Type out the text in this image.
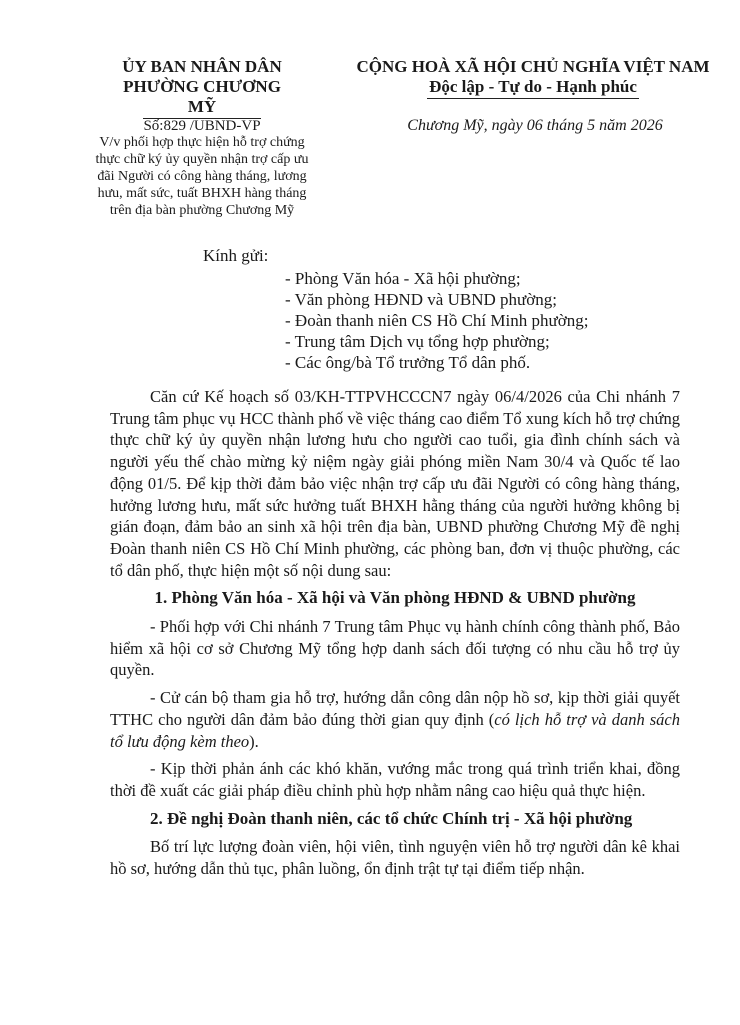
ỦY BAN NHÂN DÂN
PHƯỜNG CHƯƠNG MỸ
CỘNG HOÀ XÃ HỘI CHỦ NGHĨA VIỆT NAM
Độc lập - Tự do - Hạnh phúc
Số:829 /UBND-VP
V/v phối hợp thực hiện hỗ trợ chứng thực chữ ký ủy quyền nhận trợ cấp ưu đãi Người có công hàng tháng, lương hưu, mất sức, tuất BHXH hàng tháng trên địa bàn phường Chương Mỹ
Chương Mỹ, ngày 06 tháng 5 năm 2026
Kính gửi:
- Phòng Văn hóa - Xã hội phường;
- Văn phòng HĐND và UBND phường;
- Đoàn thanh niên CS Hồ Chí Minh phường;
- Trung tâm Dịch vụ tổng hợp phường;
- Các ông/bà Tổ trưởng Tổ dân phố.

Căn cứ Kế hoạch số 03/KH-TTPVHCCCN7 ngày 06/4/2026 của Chi nhánh 7 Trung tâm phục vụ HCC thành phố về việc tháng cao điểm Tổ xung kích hỗ trợ chứng thực chữ ký ủy quyền nhận lương hưu cho người cao tuổi, gia đình chính sách và người yếu thế chào mừng kỷ niệm ngày giải phóng miền Nam 30/4 và Quốc tế lao động 01/5. Để kịp thời đảm bảo việc nhận trợ cấp ưu đãi Người có công hàng tháng, hưởng lương hưu, mất sức hưởng tuất BHXH hằng tháng của người hưởng không bị gián đoạn, đảm bảo an sinh xã hội trên địa bàn, UBND phường Chương Mỹ đề nghị Đoàn thanh niên CS Hồ Chí Minh phường, các phòng ban, đơn vị thuộc phường, các tổ dân phố, thực hiện một số nội dung sau:

1. Phòng Văn hóa - Xã hội và Văn phòng HĐND & UBND phường

- Phối hợp với Chi nhánh 7 Trung tâm Phục vụ hành chính công thành phố, Bảo hiểm xã hội cơ sở Chương Mỹ tổng hợp danh sách đối tượng có nhu cầu hỗ trợ ủy quyền.

- Cử cán bộ tham gia hỗ trợ, hướng dẫn công dân nộp hồ sơ, kịp thời giải quyết TTHC cho người dân đảm bảo đúng thời gian quy định (có lịch hỗ trợ và danh sách tổ lưu động kèm theo).

- Kịp thời phản ánh các khó khăn, vướng mắc trong quá trình triển khai, đồng thời đề xuất các giải pháp điều chỉnh phù hợp nhằm nâng cao hiệu quả thực hiện.

2. Đề nghị Đoàn thanh niên, các tổ chức Chính trị - Xã hội phường

Bố trí lực lượng đoàn viên, hội viên, tình nguyện viên hỗ trợ người dân kê khai hồ sơ, hướng dẫn thủ tục, phân luồng, ổn định trật tự tại điểm tiếp nhận.
